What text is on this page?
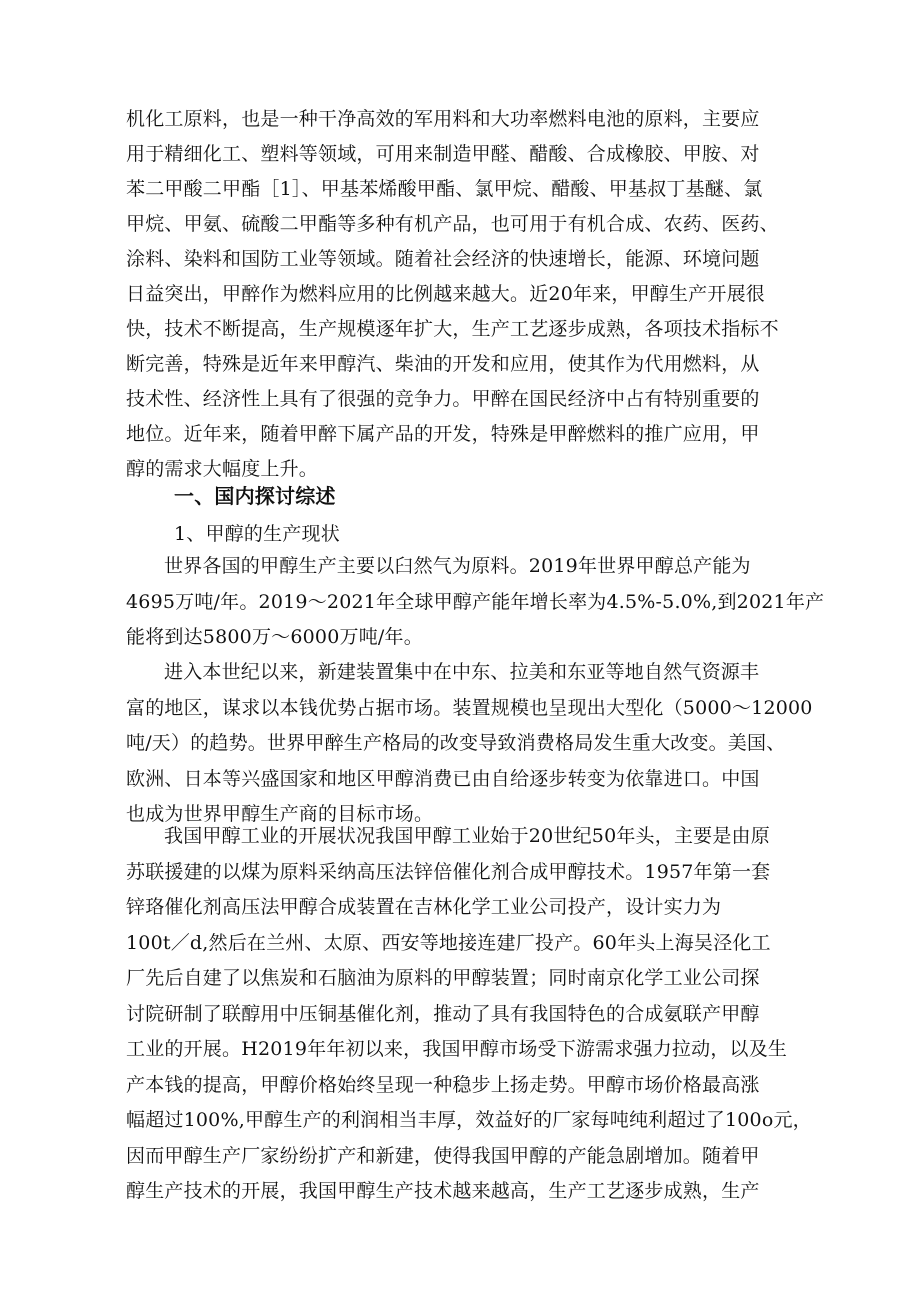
机化工原料，也是一种干净高效的军用料和大功率燃料电池的原料，主要应
用于精细化工、塑料等领域，可用来制造甲醛、醋酸、合成橡胶、甲胺、对
苯二甲酸二甲酯［1］、甲基苯烯酸甲酯、氯甲烷、醋酸、甲基叔丁基醚、氯
甲烷、甲氨、硫酸二甲酯等多种有机产品，也可用于有机合成、农药、医药、
涂料、染料和国防工业等领域。随着社会经济的快速增长，能源、环境问题
日益突出，甲醉作为燃料应用的比例越来越大。近20年来，甲醇生产开展很
快，技术不断提高，生产规模逐年扩大，生产工艺逐步成熟，各项技术指标不
断完善，特殊是近年来甲醇汽、柴油的开发和应用，使其作为代用燃料，从
技术性、经济性上具有了很强的竞争力。甲醉在国民经济中占有特别重要的
地位。近年来，随着甲醉下属产品的开发，特殊是甲醉燃料的推广应用，甲
醇的需求大幅度上升。
一、国内探讨综述
1、甲醇的生产现状
世界各国的甲醇生产主要以臼然气为原料。2019年世界甲醇总产能为
4695万吨/年。2019～2021年全球甲醇产能年增长率为4.5%-5.0%,到2021年产
能将到达5800万～6000万吨/年。
进入本世纪以来，新建装置集中在中东、拉美和东亚等地自然气资源丰
富的地区，谋求以本钱优势占据市场。装置规模也呈现出大型化（5000～12000
吨/天）的趋势。世界甲醉生产格局的改变导致消费格局发生重大改变。美国、
欧洲、日本等兴盛国家和地区甲醇消费已由自给逐步转变为依靠进口。中国
也成为世界甲醇生产商的目标市场。
我国甲醇工业的开展状况我国甲醇工业始于20世纪50年头，主要是由原
苏联援建的以煤为原料采纳高压法锌倍催化剂合成甲醇技术。1957年第一套
锌珞催化剂高压法甲醇合成装置在吉林化学工业公司投产，设计实力为
100t／d,然后在兰州、太原、西安等地接连建厂投产。60年头上海吴泾化工
厂先后自建了以焦炭和石脑油为原料的甲醇装置；同时南京化学工业公司探
讨院研制了联醇用中压铜基催化剂，推动了具有我国特色的合成氨联产甲醇
工业的开展。H2019年年初以来，我国甲醇市场受下游需求强力拉动，以及生
产本钱的提高，甲醇价格始终呈现一种稳步上扬走势。甲醇市场价格最高涨
幅超过100%,甲醇生产的利润相当丰厚，效益好的厂家每吨纯利超过了100o元，
因而甲醇生产厂家纷纷扩产和新建，使得我国甲醇的产能急剧增加。随着甲
醇生产技术的开展，我国甲醇生产技术越来越高，生产工艺逐步成熟，生产
